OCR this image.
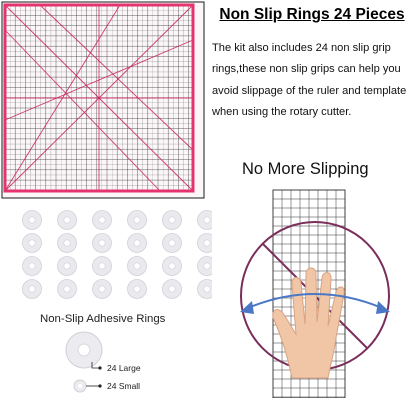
Non Slip Rings 24 Pieces
The kit also includes 24 non slip grip
rings,these non slip grips can help you
avoid slippage of the ruler and template
when using the rotary cutter.
No More Slipping
Non-Slip Adhesive Rings
24 Large
24 Small
